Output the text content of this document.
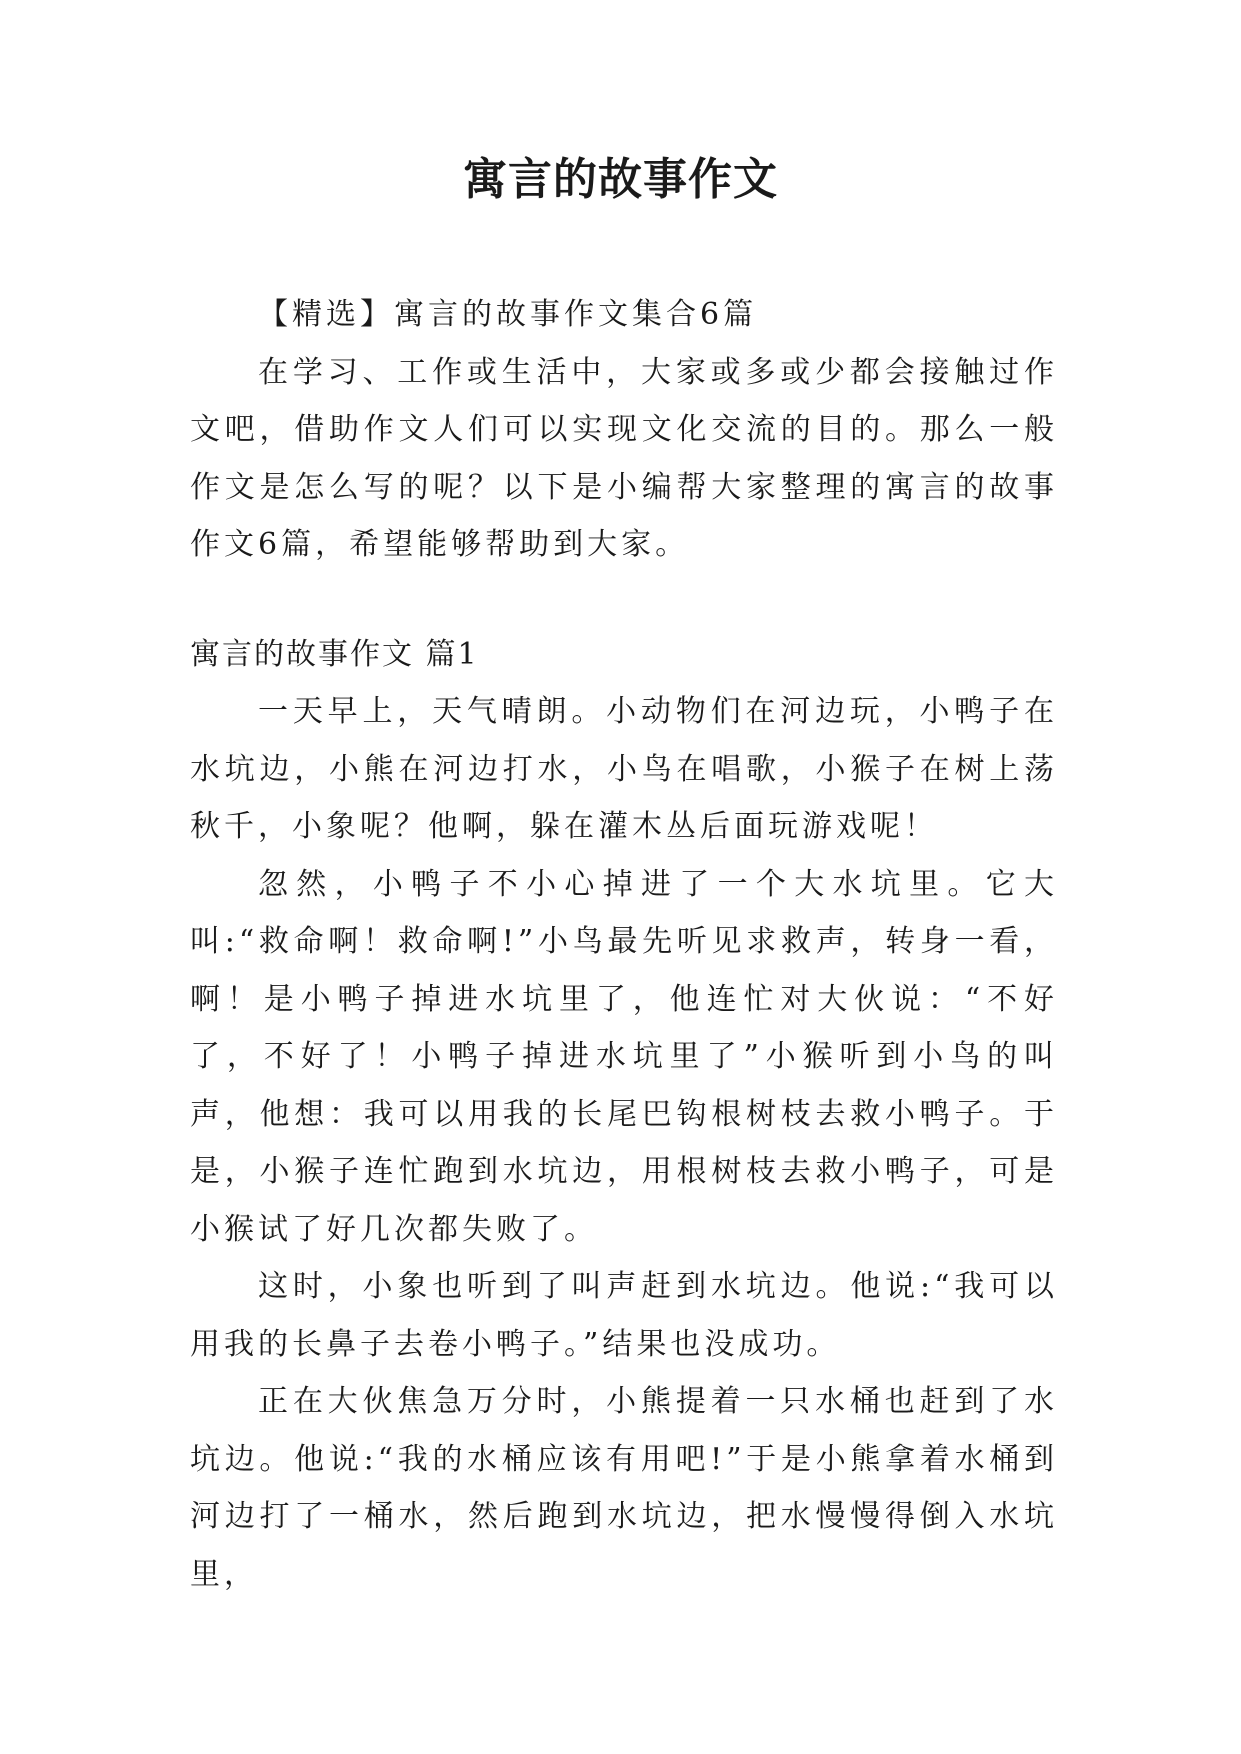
寓言的故事作文

【精选】寓言的故事作文集合6篇

在学习、工作或生活中，大家或多或少都会接触过作文吧，借助作文人们可以实现文化交流的目的。那么一般作文是怎么写的呢？以下是小编帮大家整理的寓言的故事作文6篇，希望能够帮助到大家。

寓言的故事作文 篇1

一天早上，天气晴朗。小动物们在河边玩，小鸭子在水坑边，小熊在河边打水，小鸟在唱歌，小猴子在树上荡秋千，小象呢？他啊，躲在灌木丛后面玩游戏呢！

忽然，小鸭子不小心掉进了一个大水坑里。它大叫:“救命啊！救命啊!”小鸟最先听见求救声，转身一看，啊！是小鸭子掉进水坑里了，他连忙对大伙说：“不好了，不好了！小鸭子掉进水坑里了”小猴听到小鸟的叫声，他想：我可以用我的长尾巴钩根树枝去救小鸭子。于是，小猴子连忙跑到水坑边，用根树枝去救小鸭子，可是小猴试了好几次都失败了。

这时，小象也听到了叫声赶到水坑边。他说:“我可以用我的长鼻子去卷小鸭子。”结果也没成功。

正在大伙焦急万分时，小熊提着一只水桶也赶到了水坑边。他说:“我的水桶应该有用吧!”于是小熊拿着水桶到河边打了一桶水，然后跑到水坑边，把水慢慢得倒入水坑里，
